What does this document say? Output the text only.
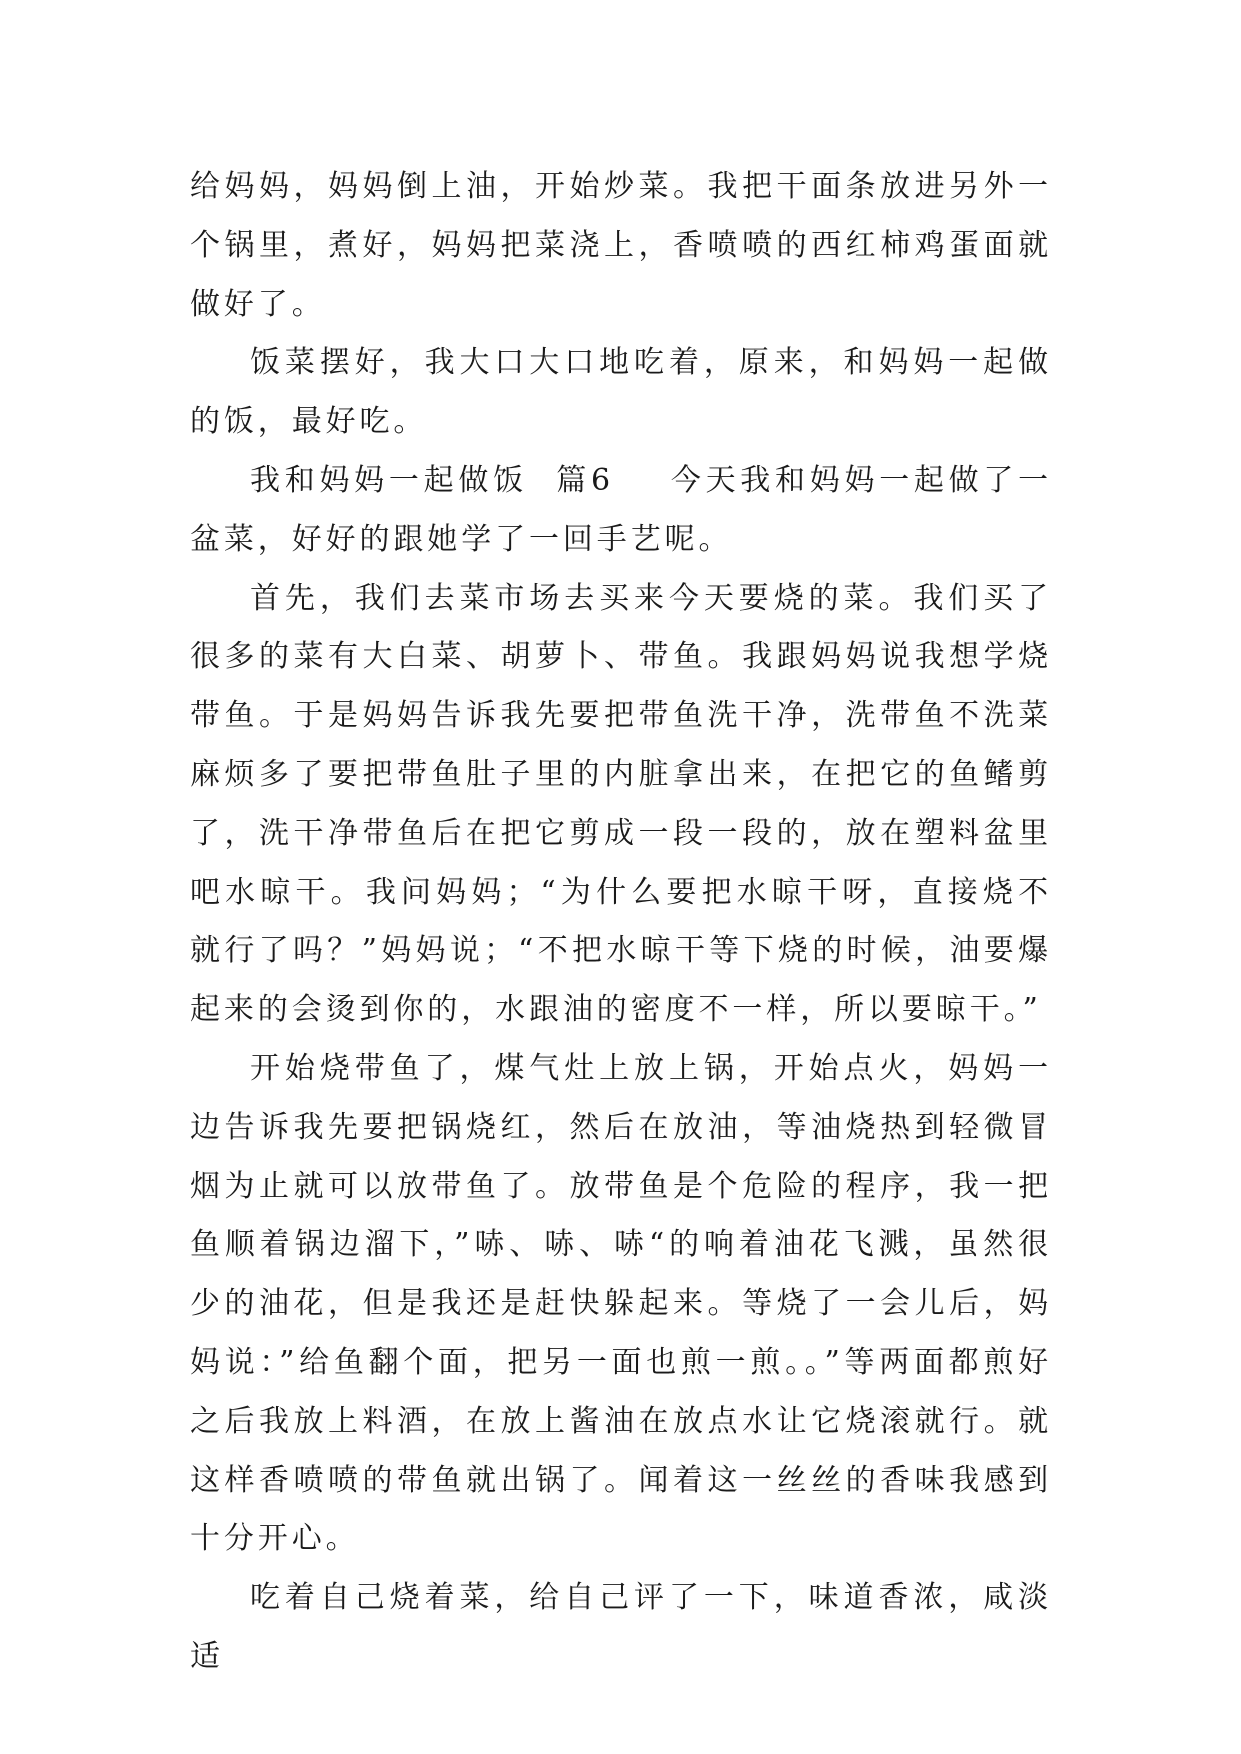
给妈妈，妈妈倒上油，开始炒菜。我把干面条放进另外一个锅里，煮好，妈妈把菜浇上，香喷喷的西红柿鸡蛋面就做好了。

饭菜摆好，我大口大口地吃着，原来，和妈妈一起做的饭，最好吃。

我和妈妈一起做饭  篇6 今天我和妈妈一起做了一盆菜，好好的跟她学了一回手艺呢。

首先，我们去菜市场去买来今天要烧的菜。我们买了很多的菜有大白菜、胡萝卜、带鱼。我跟妈妈说我想学烧带鱼。于是妈妈告诉我先要把带鱼洗干净，洗带鱼不洗菜麻烦多了要把带鱼肚子里的内脏拿出来，在把它的鱼鳍剪了，洗干净带鱼后在把它剪成一段一段的，放在塑料盆里吧水晾干。我问妈妈；“为什么要把水晾干呀，直接烧不就行了吗？”妈妈说；“不把水晾干等下烧的时候，油要爆起来的会烫到你的，水跟油的密度不一样，所以要晾干。”

开始烧带鱼了，煤气灶上放上锅，开始点火，妈妈一边告诉我先要把锅烧红，然后在放油，等油烧热到轻微冒烟为止就可以放带鱼了。放带鱼是个危险的程序，我一把鱼顺着锅边溜下，”哧、哧、哧“的响着油花飞溅，虽然很少的油花，但是我还是赶快躲起来。等烧了一会儿后，妈妈说：”给鱼翻个面，把另一面也煎一煎。。”等两面都煎好之后我放上料酒，在放上酱油在放点水让它烧滚就行。就这样香喷喷的带鱼就出锅了。闻着这一丝丝的香味我感到十分开心。

吃着自己烧着菜，给自己评了一下，味道香浓，咸淡适
